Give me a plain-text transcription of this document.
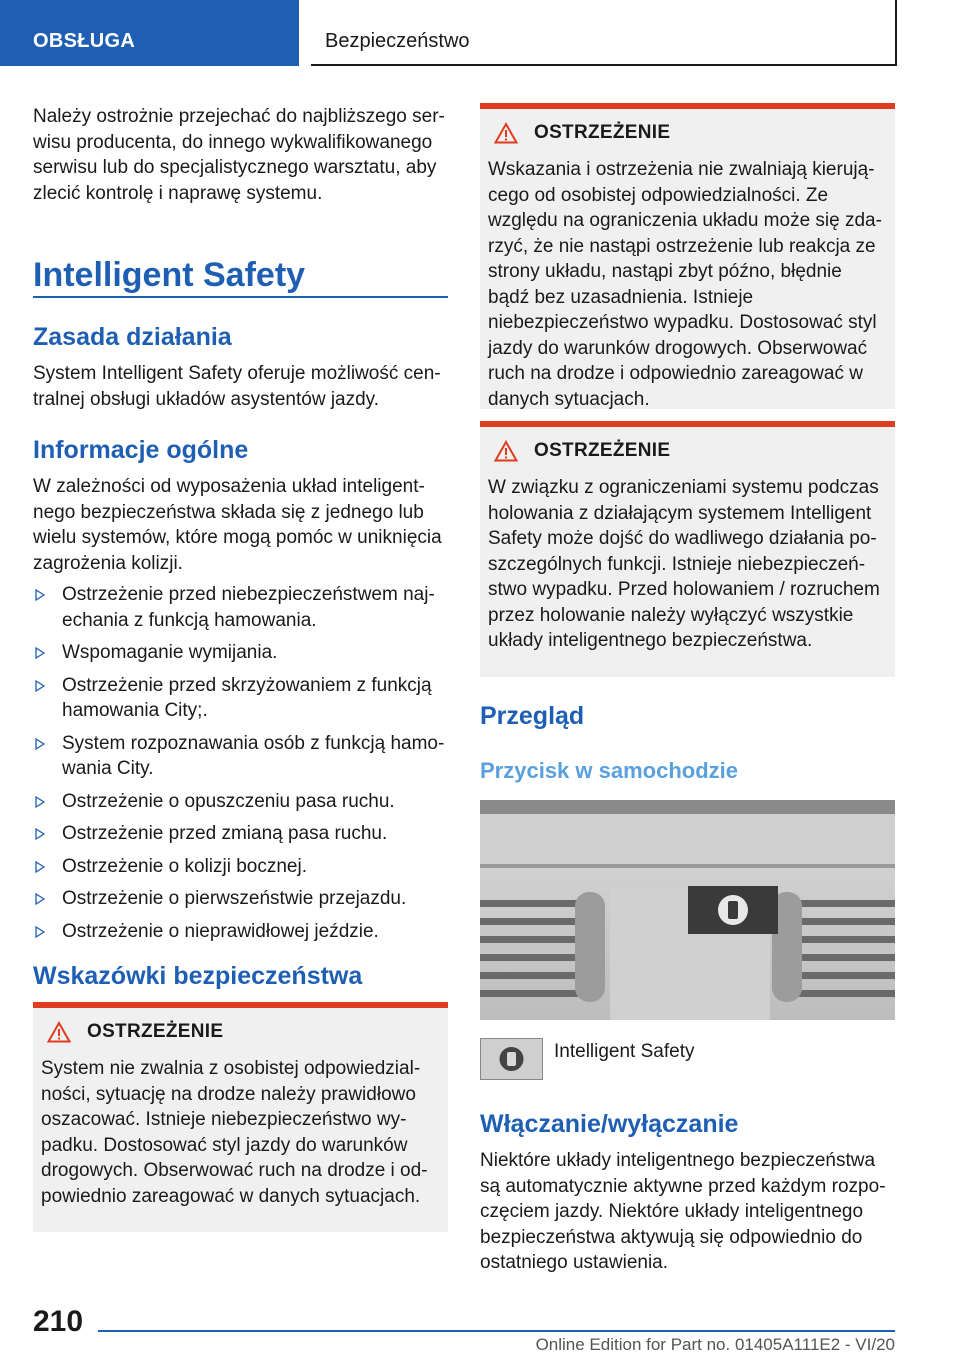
OBSŁUGA	Bezpieczeństwo

Należy ostrożnie przejechać do najbliższego serwisu producenta, do innego wykwalifikowanego serwisu lub do specjalistycznego warsztatu, aby zlecić kontrolę i naprawę systemu.

Intelligent Safety
Zasada działania

System Intelligent Safety oferuje możliwość centralnej obsługi układów asystentów jazdy.

Informacje ogólne

W zależności od wyposażenia układ inteligentnego bezpieczeństwa składa się z jednego lub wielu systemów, które mogą pomóc w uniknięcia zagrożenia kolizji.

Ostrzeżenie przed niebezpieczeństwem najechania z funkcją hamowania.
Wspomaganie wymijania.
Ostrzeżenie przed skrzyżowaniem z funkcją hamowania City;.
System rozpoznawania osób z funkcją hamowania City.
Ostrzeżenie o opuszczeniu pasa ruchu.
Ostrzeżenie przed zmianą pasa ruchu.
Ostrzeżenie o kolizji bocznej.
Ostrzeżenie o pierwszeństwie przejazdu.
Ostrzeżenie o nieprawidłowej jeździe.
Wskazówki bezpieczeństwa
OSTRZEŻENIE

System nie zwalnia z osobistej odpowiedzialności, sytuację na drodze należy prawidłowo oszacować. Istnieje niebezpieczeństwo wypadku. Dostosować styl jazdy do warunków drogowych. Obserwować ruch na drodze i odpowiednio zareagować w danych sytuacjach.

OSTRZEŻENIE

Wskazania i ostrzeżenia nie zwalniają kierującego od osobistej odpowiedzialności. Ze względu na ograniczenia układu może się zdarzyć, że nie nastąpi ostrzeżenie lub reakcja ze strony układu, nastąpi zbyt późno, błędnie bądź bez uzasadnienia. Istnieje niebezpieczeństwo wypadku. Dostosować styl jazdy do warunków drogowych. Obserwować ruch na drodze i odpowiednio zareagować w danych sytuacjach.

OSTRZEŻENIE

W związku z ograniczeniami systemu podczas holowania z działającym systemem Intelligent Safety może dojść do wadliwego działania poszczególnych funkcji. Istnieje niebezpieczeństwo wypadku. Przed holowaniem / rozruchem przez holowanie należy wyłączyć wszystkie układy inteligentnego bezpieczeństwa.

Przegląd
Przycisk w samochodzie
Intelligent Safety
Włączanie/wyłączanie

Niektóre układy inteligentnego bezpieczeństwa są automatycznie aktywne przed każdym rozpoczęciem jazdy. Niektóre układy inteligentnego bezpieczeństwa aktywują się odpowiednio do ostatniego ustawienia.

210
Online Edition for Part no. 01405A111E2 - VI/20
